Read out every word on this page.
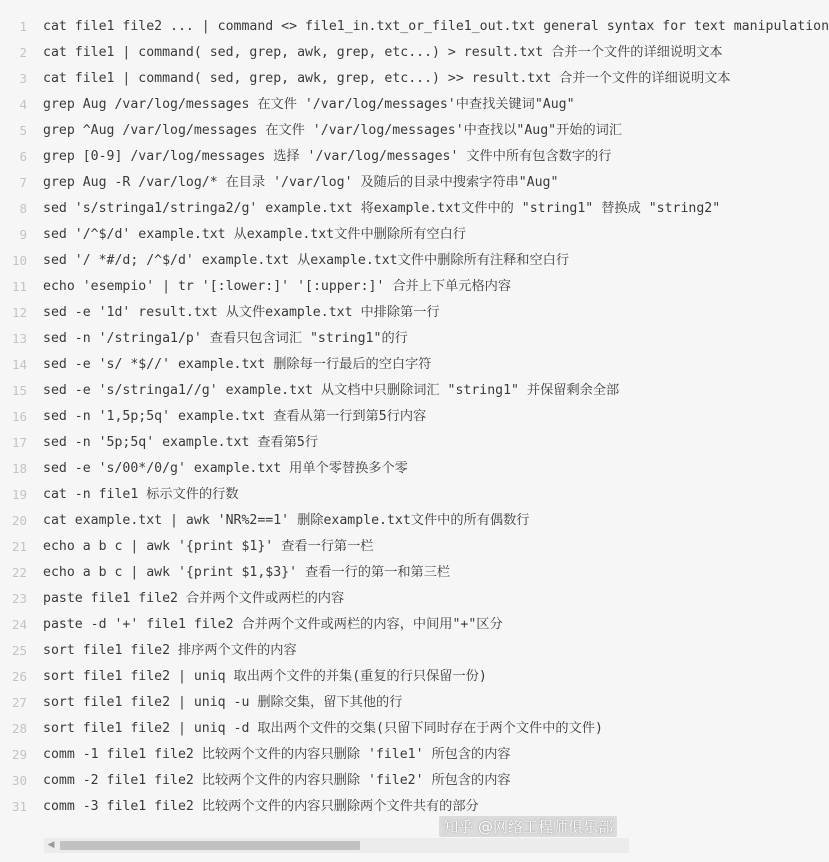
1 cat file1 file2 ... | command <> file1_in.txt_or_file1_out.txt general syntax for text manipulation
2 cat file1 | command( sed, grep, awk, grep, etc...) > result.txt 合并一个文件的详细说明文本
3 cat file1 | command( sed, grep, awk, grep, etc...) >> result.txt 合并一个文件的详细说明文本
4 grep Aug /var/log/messages 在文件 '/var/log/messages'中查找关键词"Aug"
5 grep ^Aug /var/log/messages 在文件 '/var/log/messages'中查找以"Aug"开始的词汇
6 grep [0-9] /var/log/messages 选择 '/var/log/messages' 文件中所有包含数字的行
7 grep Aug -R /var/log/* 在目录 '/var/log' 及随后的目录中搜索字符串"Aug"
8 sed 's/stringa1/stringa2/g' example.txt 将example.txt文件中的 "string1" 替换成 "string2"
9 sed '/^$/d' example.txt 从example.txt文件中删除所有空白行
10 sed '/ *#/d; /^$/d' example.txt 从example.txt文件中删除所有注释和空白行
11 echo 'esempio' | tr '[:lower:]' '[:upper:]' 合并上下单元格内容
12 sed -e '1d' result.txt 从文件example.txt 中排除第一行
13 sed -n '/stringa1/p' 查看只包含词汇 "string1"的行
14 sed -e 's/ *$//' example.txt 删除每一行最后的空白字符
15 sed -e 's/stringa1//g' example.txt 从文档中只删除词汇 "string1" 并保留剩余全部
16 sed -n '1,5p;5q' example.txt 查看从第一行到第5行内容
17 sed -n '5p;5q' example.txt 查看第5行
18 sed -e 's/00*/0/g' example.txt 用单个零替换多个零
19 cat -n file1 标示文件的行数
20 cat example.txt | awk 'NR%2==1' 删除example.txt文件中的所有偶数行
21 echo a b c | awk '{print $1}' 查看一行第一栏
22 echo a b c | awk '{print $1,$3}' 查看一行的第一和第三栏
23 paste file1 file2 合并两个文件或两栏的内容
24 paste -d '+' file1 file2 合并两个文件或两栏的内容，中间用"+"区分
25 sort file1 file2 排序两个文件的内容
26 sort file1 file2 | uniq 取出两个文件的并集(重复的行只保留一份)
27 sort file1 file2 | uniq -u 删除交集，留下其他的行
28 sort file1 file2 | uniq -d 取出两个文件的交集(只留下同时存在于两个文件中的文件)
29 comm -1 file1 file2 比较两个文件的内容只删除 'file1' 所包含的内容
30 comm -2 file1 file2 比较两个文件的内容只删除 'file2' 所包含的内容
31 comm -3 file1 file2 比较两个文件的内容只删除两个文件共有的部分
知乎 @网络工程师俱乐部
◀
